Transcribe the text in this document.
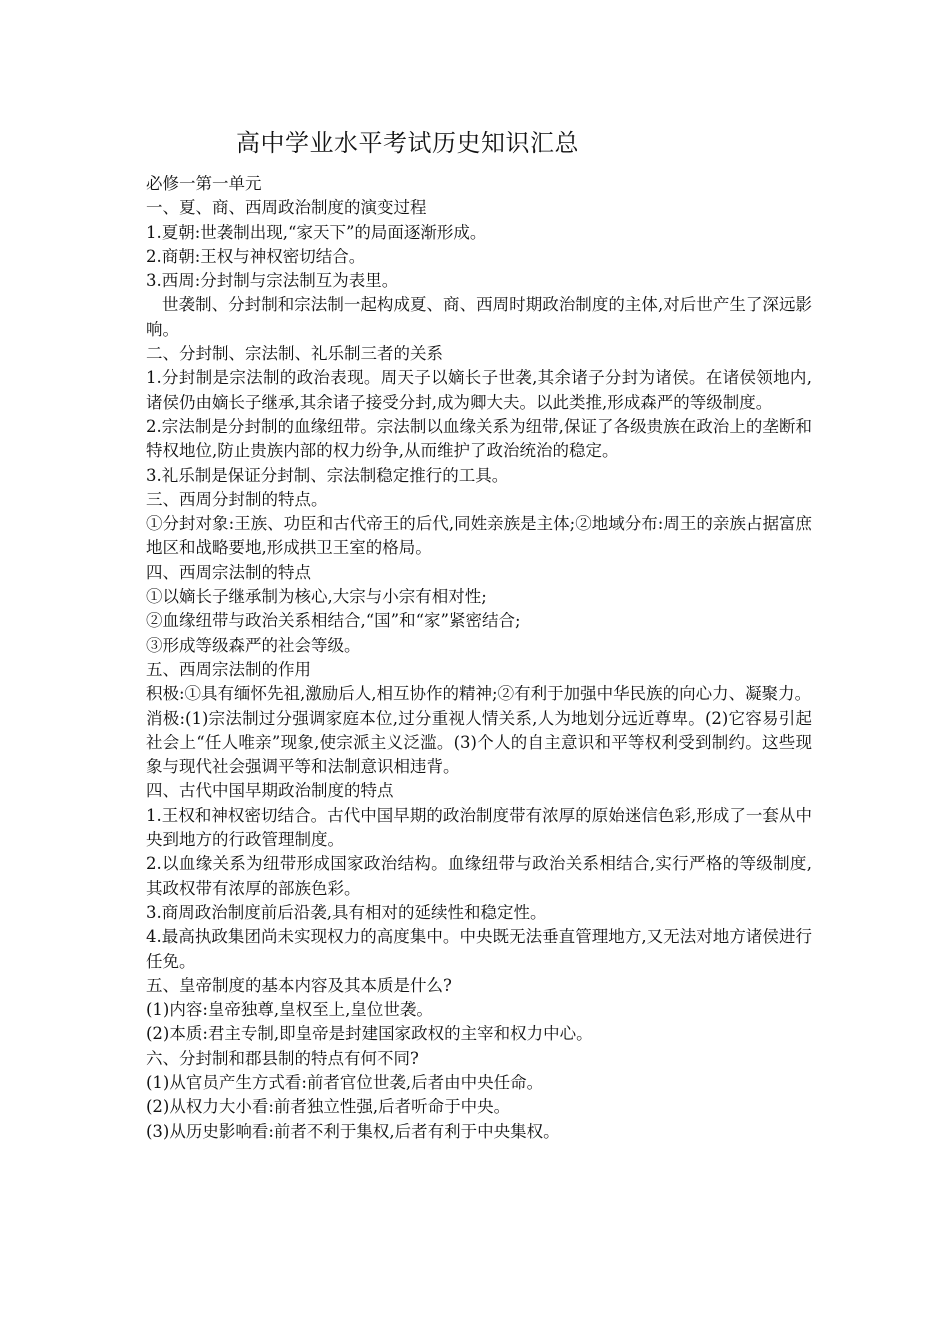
高中学业水平考试历史知识汇总

必修一第一单元

一、夏、商、西周政治制度的演变过程

1.夏朝:世袭制出现,“家天下”的局面逐渐形成。

2.商朝:王权与神权密切结合。

3.西周:分封制与宗法制互为表里。

世袭制、分封制和宗法制一起构成夏、商、西周时期政治制度的主体,对后世产生了深远影响。

二、分封制、宗法制、礼乐制三者的关系

1.分封制是宗法制的政治表现。周天子以嫡长子世袭,其余诸子分封为诸侯。在诸侯领地内,诸侯仍由嫡长子继承,其余诸子接受分封,成为卿大夫。以此类推,形成森严的等级制度。

2.宗法制是分封制的血缘纽带。宗法制以血缘关系为纽带,保证了各级贵族在政治上的垄断和特权地位,防止贵族内部的权力纷争,从而维护了政治统治的稳定。

3.礼乐制是保证分封制、宗法制稳定推行的工具。

三、西周分封制的特点。

①分封对象:王族、功臣和古代帝王的后代,同姓亲族是主体;②地域分布:周王的亲族占据富庶地区和战略要地,形成拱卫王室的格局。

四、西周宗法制的特点

①以嫡长子继承制为核心,大宗与小宗有相对性;

②血缘纽带与政治关系相结合,“国”和“家”紧密结合;

③形成等级森严的社会等级。

五、西周宗法制的作用

积极:①具有缅怀先祖,激励后人,相互协作的精神;②有利于加强中华民族的向心力、凝聚力。

消极:(1)宗法制过分强调家庭本位,过分重视人情关系,人为地划分远近尊卑。(2)它容易引起社会上“任人唯亲”现象,使宗派主义泛滥。(3)个人的自主意识和平等权利受到制约。这些现象与现代社会强调平等和法制意识相违背。

四、古代中国早期政治制度的特点

1.王权和神权密切结合。古代中国早期的政治制度带有浓厚的原始迷信色彩,形成了一套从中央到地方的行政管理制度。

2.以血缘关系为纽带形成国家政治结构。血缘纽带与政治关系相结合,实行严格的等级制度,其政权带有浓厚的部族色彩。

3.商周政治制度前后沿袭,具有相对的延续性和稳定性。

4.最高执政集团尚未实现权力的高度集中。中央既无法垂直管理地方,又无法对地方诸侯进行任免。

五、皇帝制度的基本内容及其本质是什么?

(1)内容:皇帝独尊,皇权至上,皇位世袭。

(2)本质:君主专制,即皇帝是封建国家政权的主宰和权力中心。

六、分封制和郡县制的特点有何不同?

(1)从官员产生方式看:前者官位世袭,后者由中央任命。

(2)从权力大小看:前者独立性强,后者听命于中央。

(3)从历史影响看:前者不利于集权,后者有利于中央集权。
